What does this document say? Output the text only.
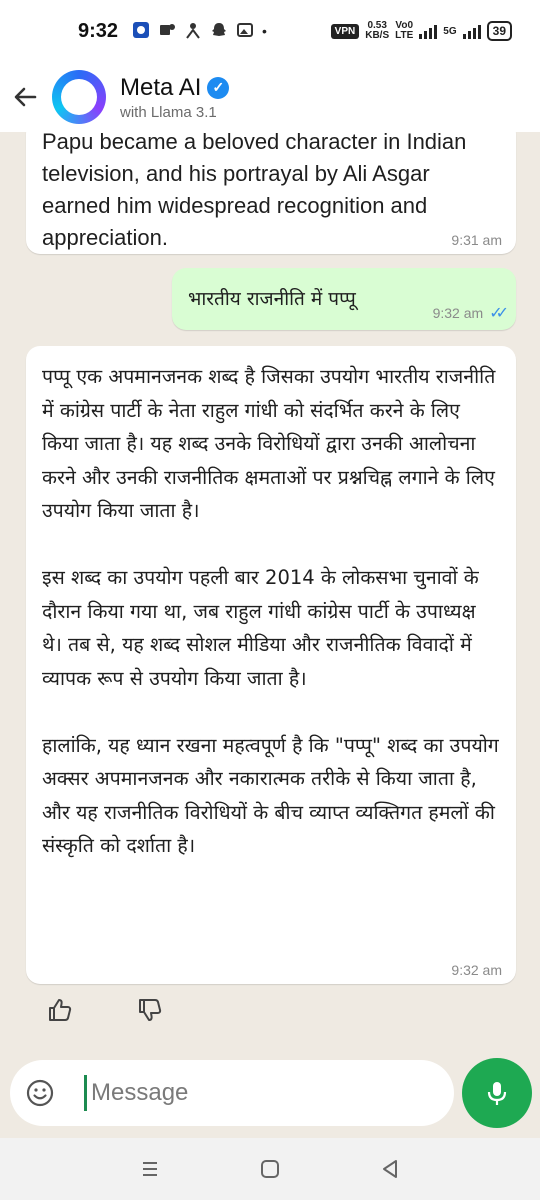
9:32	•	VPN	0.53
KB/S
Vo0
LTE	5G	39
Meta AI ✓
with Llama 3.1
Papu became a beloved character in Indian television, and his portrayal by Ali Asgar earned him widespread recognition and appreciation.	9:31 am
भारतीय राजनीति में पप्पू
9:32 am ✓✓
पप्पू एक अपमानजनक शब्द है जिसका उपयोग भारतीय राजनीति में कांग्रेस पार्टी के नेता राहुल गांधी को संदर्भित करने के लिए किया जाता है। यह शब्द उनके विरोधियों द्वारा उनकी आलोचना करने और उनकी राजनीतिक क्षमताओं पर प्रश्नचिह्न लगाने के लिए उपयोग किया जाता है।

इस शब्द का उपयोग पहली बार 2014 के लोकसभा चुनावों के दौरान किया गया था, जब राहुल गांधी कांग्रेस पार्टी के उपाध्यक्ष थे। तब से, यह शब्द सोशल मीडिया और राजनीतिक विवादों में व्यापक रूप से उपयोग किया जाता है।

हालांकि, यह ध्यान रखना महत्वपूर्ण है कि "पप्पू" शब्द का उपयोग अक्सर अपमानजनक और नकारात्मक तरीके से किया जाता है, और यह राजनीतिक विरोधियों के बीच व्याप्त व्यक्तिगत हमलों की संस्कृति को दर्शाता है।
9:32 am
Message
